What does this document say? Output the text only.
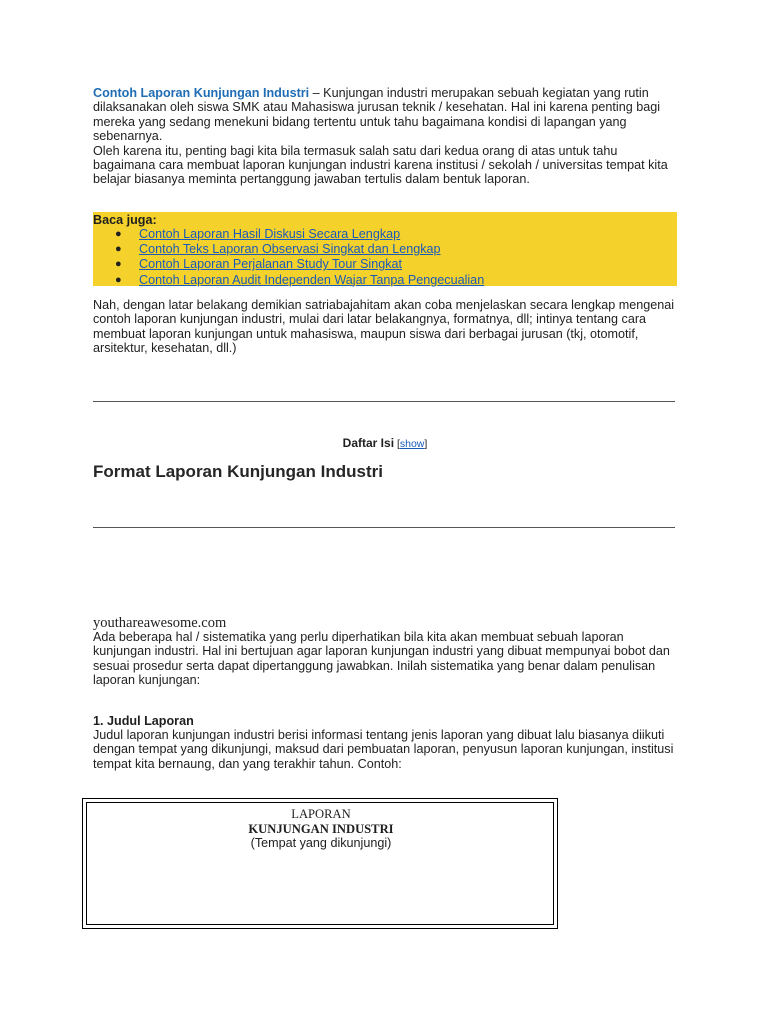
Contoh Laporan Kunjungan Industri – Kunjungan industri merupakan sebuah kegiatan yang rutin dilaksanakan oleh siswa SMK atau Mahasiswa jurusan teknik / kesehatan. Hal ini karena penting bagi mereka yang sedang menekuni bidang tertentu untuk tahu bagaimana kondisi di lapangan yang sebenarnya.

Oleh karena itu, penting bagi kita bila termasuk salah satu dari kedua orang di atas untuk tahu bagaimana cara membuat laporan kunjungan industri karena institusi / sekolah / universitas tempat kita belajar biasanya meminta pertanggung jawaban tertulis dalam bentuk laporan.

Baca juga:
● Contoh Laporan Hasil Diskusi Secara Lengkap
● Contoh Teks Laporan Observasi Singkat dan Lengkap
● Contoh Laporan Perjalanan Study Tour Singkat
● Contoh Laporan Audit Independen Wajar Tanpa Pengecualian

Nah, dengan latar belakang demikian satriabajahitam akan coba menjelaskan secara lengkap mengenai contoh laporan kunjungan industri, mulai dari latar belakangnya, formatnya, dll; intinya tentang cara membuat laporan kunjungan untuk mahasiswa, maupun siswa dari berbagai jurusan (tkj, otomotif, arsitektur, kesehatan, dll.)

Daftar Isi [show]
Format Laporan Kunjungan Industri
youthareawesome.com

Ada beberapa hal / sistematika yang perlu diperhatikan bila kita akan membuat sebuah laporan kunjungan industri. Hal ini bertujuan agar laporan kunjungan industri yang dibuat mempunyai bobot dan sesuai prosedur serta dapat dipertanggung jawabkan. Inilah sistematika yang benar dalam penulisan laporan kunjungan:

1. Judul Laporan

Judul laporan kunjungan industri berisi informasi tentang jenis laporan yang dibuat lalu biasanya diikuti dengan tempat yang dikunjungi, maksud dari pembuatan laporan, penyusun laporan kunjungan, institusi tempat kita bernaung, dan yang terakhir tahun. Contoh:

LAPORAN
KUNJUNGAN INDUSTRI
(Tempat yang dikunjungi)
